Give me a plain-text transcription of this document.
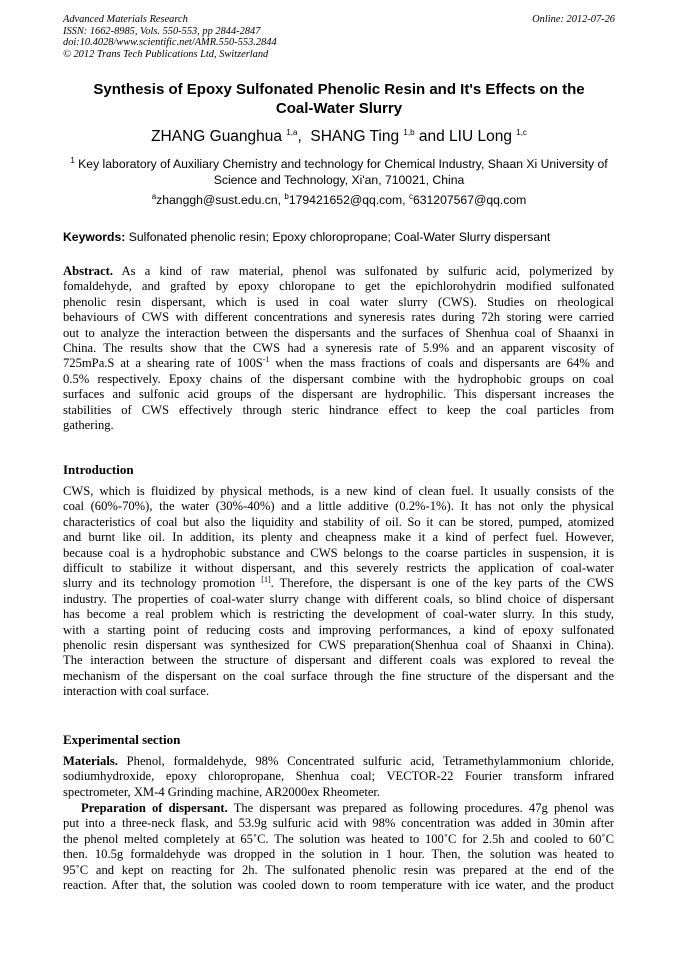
Advanced Materials Research
ISSN: 1662-8985, Vols. 550-553, pp 2844-2847
doi:10.4028/www.scientific.net/AMR.550-553.2844
© 2012 Trans Tech Publications Ltd, Switzerland
Online: 2012-07-26
Synthesis of Epoxy Sulfonated Phenolic Resin and It's Effects on the
Coal-Water Slurry
ZHANG Guanghua $^{1,a}$,  SHANG Ting $^{1,b}$ and LIU Long $^{1,c}$
$^1$ Key laboratory of Auxiliary Chemistry and technology for Chemical Industry, Shaan Xi University of
Science and Technology, Xi'an, 710021, China
$^a$zhanggh@sust.edu.cn, $^b$179421652@qq.com, $^c$631207567@qq.com
Keywords: Sulfonated phenolic resin; Epoxy chloropropane; Coal-Water Slurry dispersant
Abstract. As a kind of raw material, phenol was sulfonated by sulfuric acid, polymerized by
fomaldehyde, and grafted by epoxy chloropane to get the epichlorohydrin modified sulfonated
phenolic resin dispersant, which is used in coal water slurry (CWS). Studies on rheological
behaviours of CWS with different concentrations and syneresis rates during 72h storing were carried
out to analyze the interaction between the dispersants and the surfaces of Shenhua coal of Shaanxi in
China. The results show that the CWS had a syneresis rate of 5.9% and an apparent viscosity of
725mPa.S at a shearing rate of $100S^{-1}$ when the mass fractions of coals and dispersants are 64% and
0.5% respectively. Epoxy chains of the dispersant combine with the hydrophobic groups on coal
surfaces and sulfonic acid groups of the dispersant are hydrophilic. This dispersant increases the
stabilities of CWS effectively through steric hindrance effect to keep the coal particles from
gathering.
Introduction
CWS, which is fluidized by physical methods, is a new kind of clean fuel. It usually consists of the
coal (60%-70%), the water (30%-40%) and a little additive (0.2%-1%). It has not only the physical
characteristics of coal but also the liquidity and stability of oil. So it can be stored, pumped, atomized
and burnt like oil. In addition, its plenty and cheapness make it a kind of perfect fuel. However,
because coal is a hydrophobic substance and CWS belongs to the coarse particles in suspension, it is
difficult to stabilize it without dispersant, and this severely restricts the application of coal-water
slurry and its technology promotion [1]. Therefore, the dispersant is one of the key parts of the CWS
industry. The properties of coal-water slurry change with different coals, so blind choice of dispersant
has become a real problem which is restricting the development of coal-water slurry. In this study,
with a starting point of reducing costs and improving performances, a kind of epoxy sulfonated
phenolic resin dispersant was synthesized for CWS preparation(Shenhua coal of Shaanxi in China).
The interaction between the structure of dispersant and different coals was explored to reveal the
mechanism of the dispersant on the coal surface through the fine structure of the dispersant and the
interaction with coal surface.
Experimental section
Materials. Phenol, formaldehyde, 98% Concentrated sulfuric acid, Tetramethylammonium chloride,
sodiumhydroxide, epoxy chloropropane, Shenhua coal; VECTOR-22 Fourier transform infrared
spectrometer, XM-4 Grinding machine, AR2000ex Rheometer.
Preparation of dispersant. The dispersant was prepared as following procedures. 47g phenol was
put into a three-neck flask, and 53.9g sulfuric acid with 98% concentration was added in 30min after
the phenol melted completely at 65˚C. The solution was heated to 100˚C for 2.5h and cooled to 60˚C
then. 10.5g formaldehyde was dropped in the solution in 1 hour. Then, the solution was heated to
95˚C and kept on reacting for 2h. The sulfonated phenolic resin was prepared at the end of the
reaction. After that, the solution was cooled down to room temperature with ice water, and the product
